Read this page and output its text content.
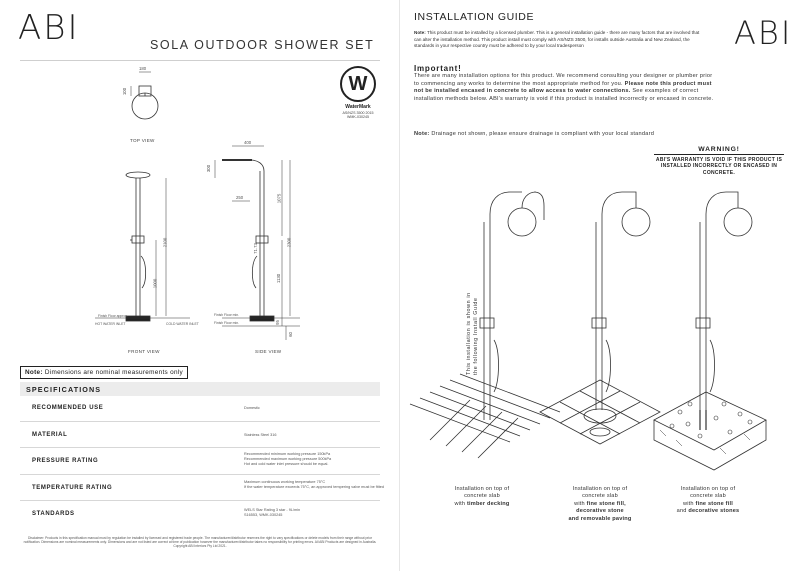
ABI	SOLA OUTDOOR SHOWER SET
W
WaterMark
AS/NZS 3500 2015
WMK-030245
180
100
TOP VIEW
2100
1000
Finish Floor approx.
HOT WATER INLET	COLD WATER INLET
FRONT VIEW
400
250
300
1075
2300
1130
71.73
95
60
Finish Floor min.
Finish Floor min.
SIDE VIEW
Note: Dimensions are nominal measurements only
SPECIFICATIONS
RECOMMENDED USE	Domestic
MATERIAL	Stainless Steel 316
PRESSURE RATING
Recommended minimum working pressure 150kPa
Recommended maximum working pressure 500kPa
Hot and cold water inlet pressure should be equal.
TEMPERATURE RATING
Maximum continuous working temperature 75°C
If the water temperature exceeds 75°C, an approved tempering valve must be fitted
STANDARDS
WELS Star Rating 3 star - 9L/min
S16553, WMK-030245
Disclaimer: Products in this specification manual must by regulation be installed by licensed and registered trade people. The manufacturer/distributor reserves the right to vary specifications or delete models from their range without prior notification. Dimensions are nominal measurements only. Dimensions and are not listed are correct at time of publication however the manufacturer/distributor takes no responsibility for printing errors. All ABI Products are designed in Australia. Copyright ABI Interiors Pty Ltd 2021.
INSTALLATION GUIDE	ABI
Note: This product must be installed by a licensed plumber. This is a general installation guide - there are many factors that are involved that can alter the installation method. This product install must comply with AS/NZS 3500, for installs outside Australia and New Zealand, the standards in your respective country must be adhered to by your local tradesperson
Important!
There are many installation options for this product. We recommend consulting your designer or plumber prior to commencing any works to determine the most appropriate method for you. Please note this product must not be installed encased in concrete to allow access to water connections. See examples of correct installation methods below. ABI's warranty is void if this product is installed incorrectly or encased in concrete.
Note: Drainage not shown, please ensure drainage is compliant with your local standard
WARNING!
ABI'S WARRANTY IS VOID IF THIS PRODUCT IS INSTALLED INCORRECTLY OR ENCASED IN CONCRETE.
This installation is shown in the following Install Guide
Installation on top of
concrete slab
with timber decking
Installation on top of
concrete slab
with fine stone fill,
decorative stone
and removable paving
Installation on top of
concrete slab
with fine stone fill
and decorative stones
